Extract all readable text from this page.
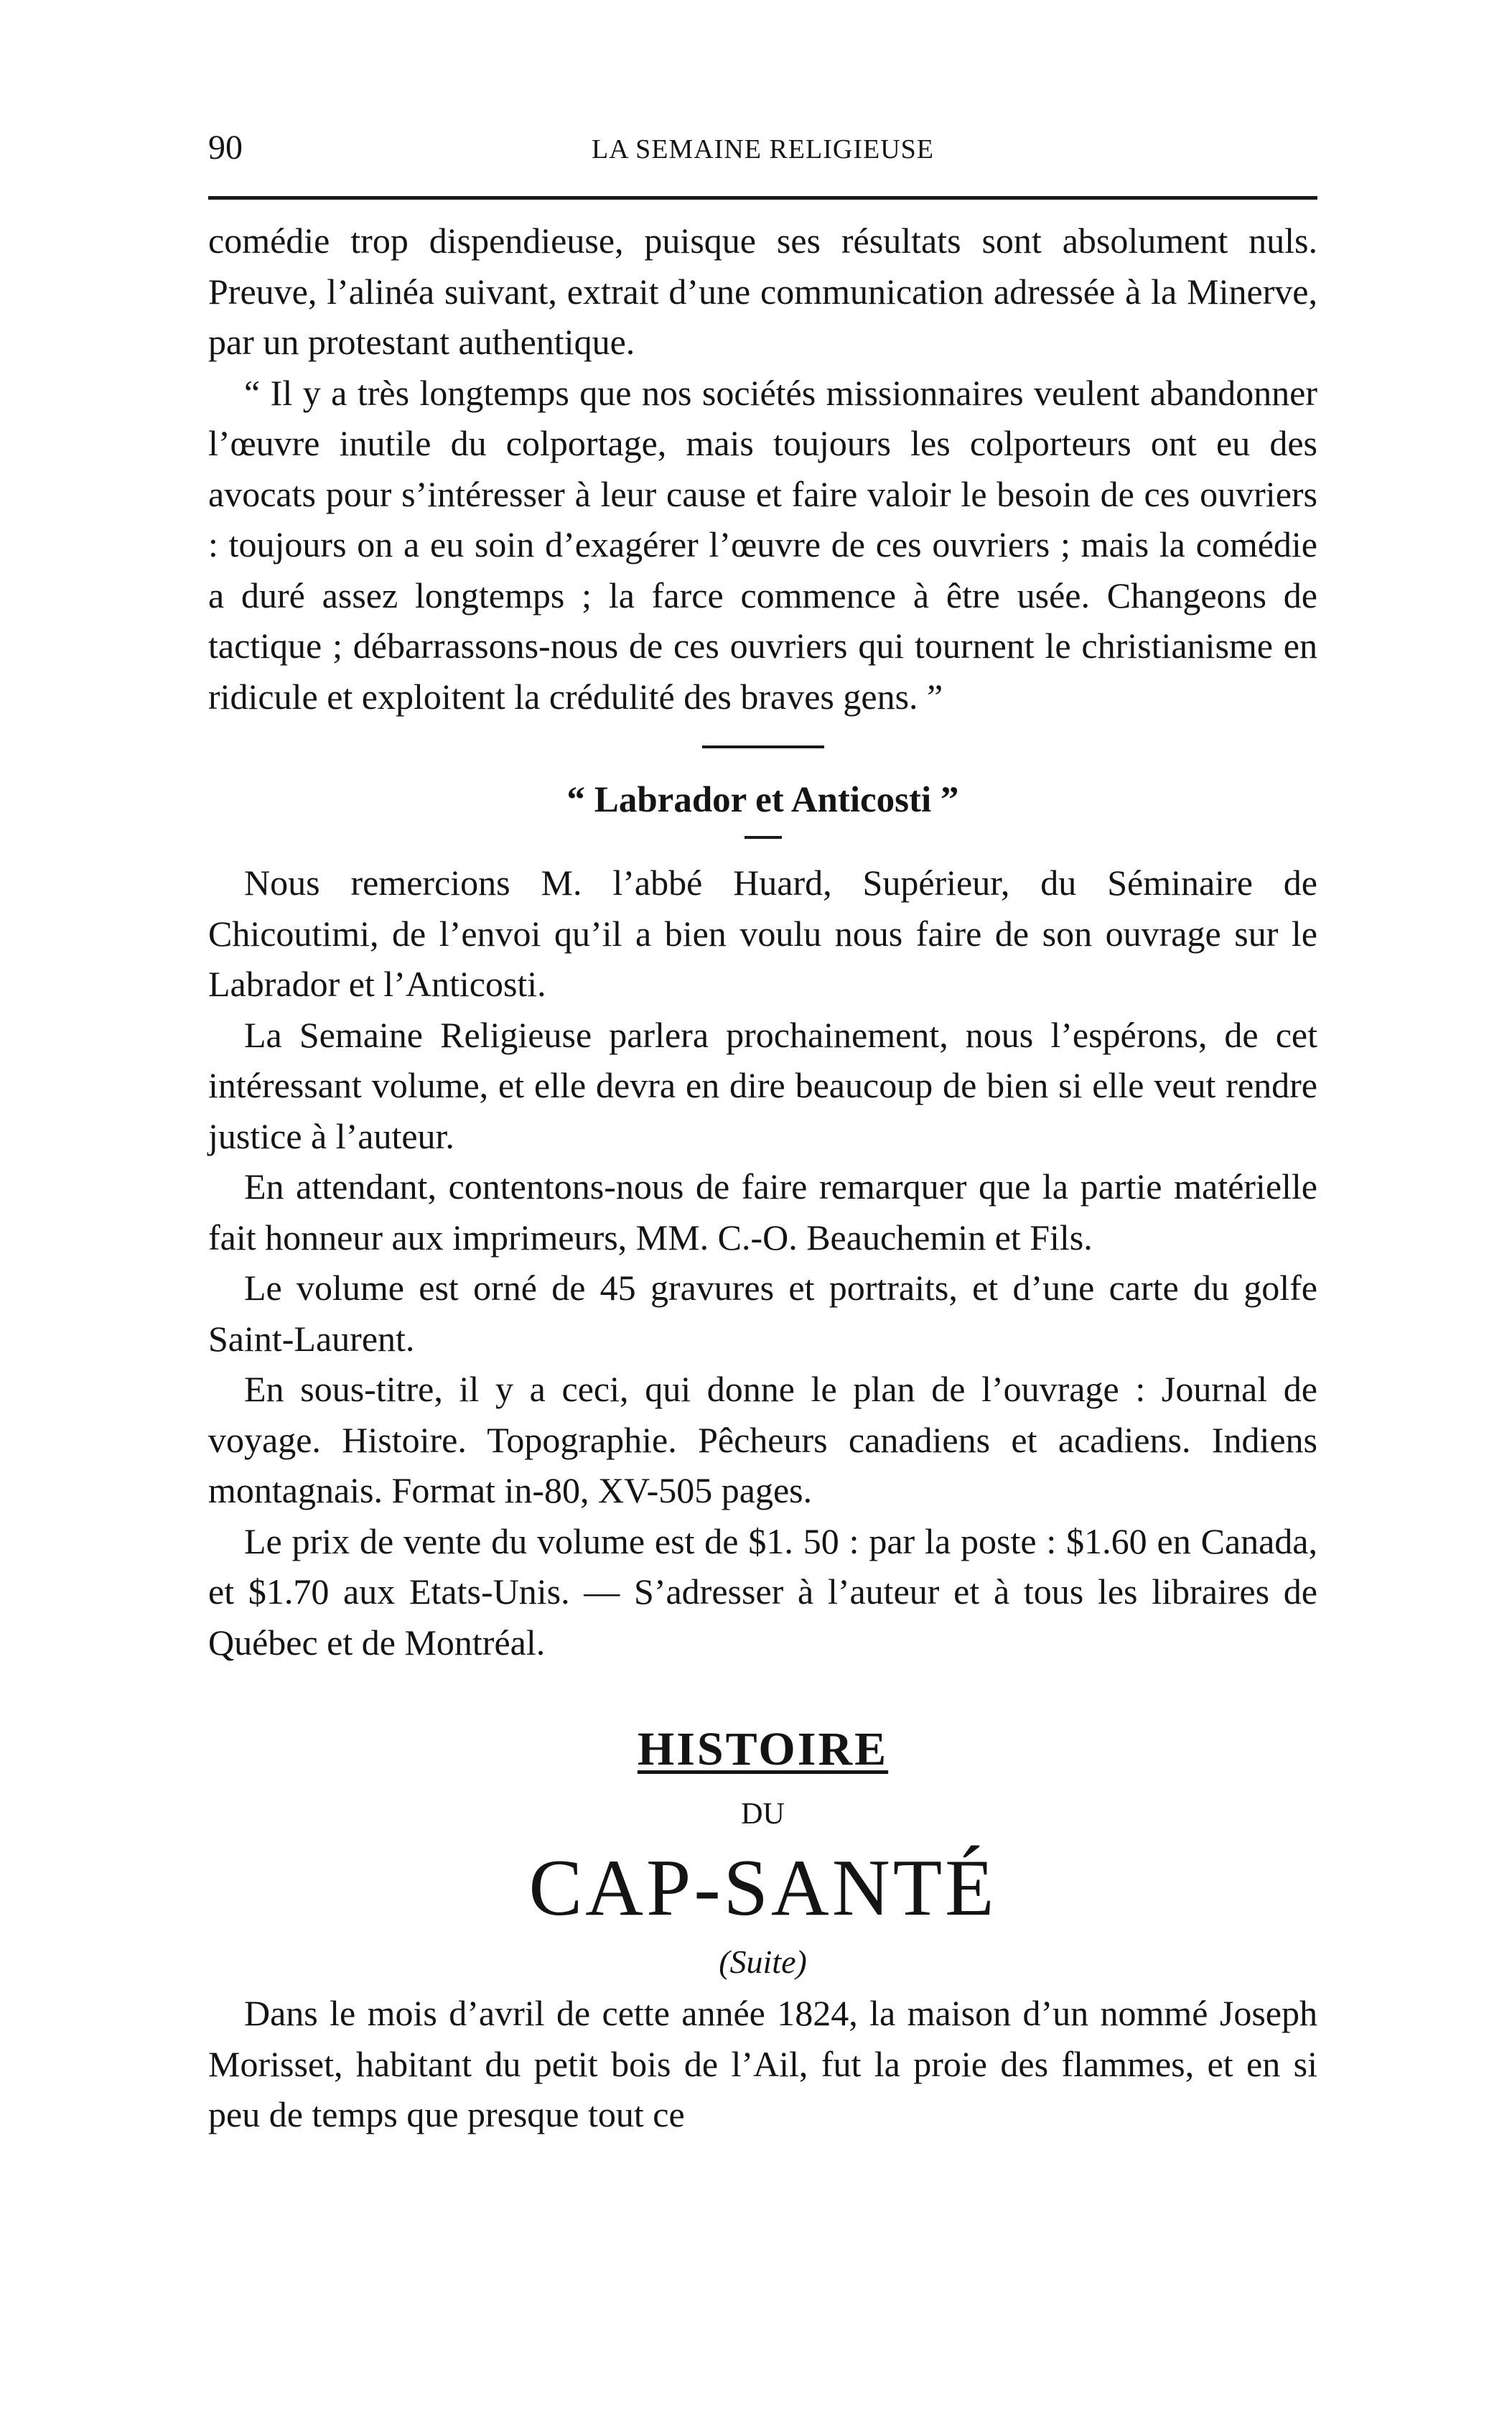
90	LA SEMAINE RELIGIEUSE

comédie trop dispendieuse, puisque ses résultats sont absolument nuls. Preuve, l’alinéa suivant, extrait d’une communication adressée à la Minerve, par un protestant authentique.

“ Il y a très longtemps que nos sociétés missionnaires veulent abandonner l’œuvre inutile du colportage, mais toujours les colporteurs ont eu des avocats pour s’intéresser à leur cause et faire valoir le besoin de ces ouvriers : toujours on a eu soin d’exagérer l’œuvre de ces ouvriers ; mais la comédie a duré assez longtemps ; la farce commence à être usée. Changeons de tactique ; débarrassons-nous de ces ouvriers qui tournent le christianisme en ridicule et exploitent la crédulité des braves gens. ”

“ Labrador et Anticosti ”

Nous remercions M. l’abbé Huard, Supérieur, du Séminaire de Chicoutimi, de l’envoi qu’il a bien voulu nous faire de son ouvrage sur le Labrador et l’Anticosti.

La Semaine Religieuse parlera prochainement, nous l’espérons, de cet intéressant volume, et elle devra en dire beaucoup de bien si elle veut rendre justice à l’auteur.

En attendant, contentons-nous de faire remarquer que la partie matérielle fait honneur aux imprimeurs, MM. C.-O. Beauchemin et Fils.

Le volume est orné de 45 gravures et portraits, et d’une carte du golfe Saint-Laurent.

En sous-titre, il y a ceci, qui donne le plan de l’ouvrage : Journal de voyage. Histoire. Topographie. Pêcheurs canadiens et acadiens. Indiens montagnais. Format in-80, XV-505 pages.

Le prix de vente du volume est de $1. 50 : par la poste : $1.60 en Canada, et $1.70 aux Etats-Unis. — S’adresser à l’auteur et à tous les libraires de Québec et de Montréal.

HISTOIRE
DU
CAP-SANTÉ
(Suite)

Dans le mois d’avril de cette année 1824, la maison d’un nommé Joseph Morisset, habitant du petit bois de l’Ail, fut la proie des flammes, et en si peu de temps que presque tout ce
